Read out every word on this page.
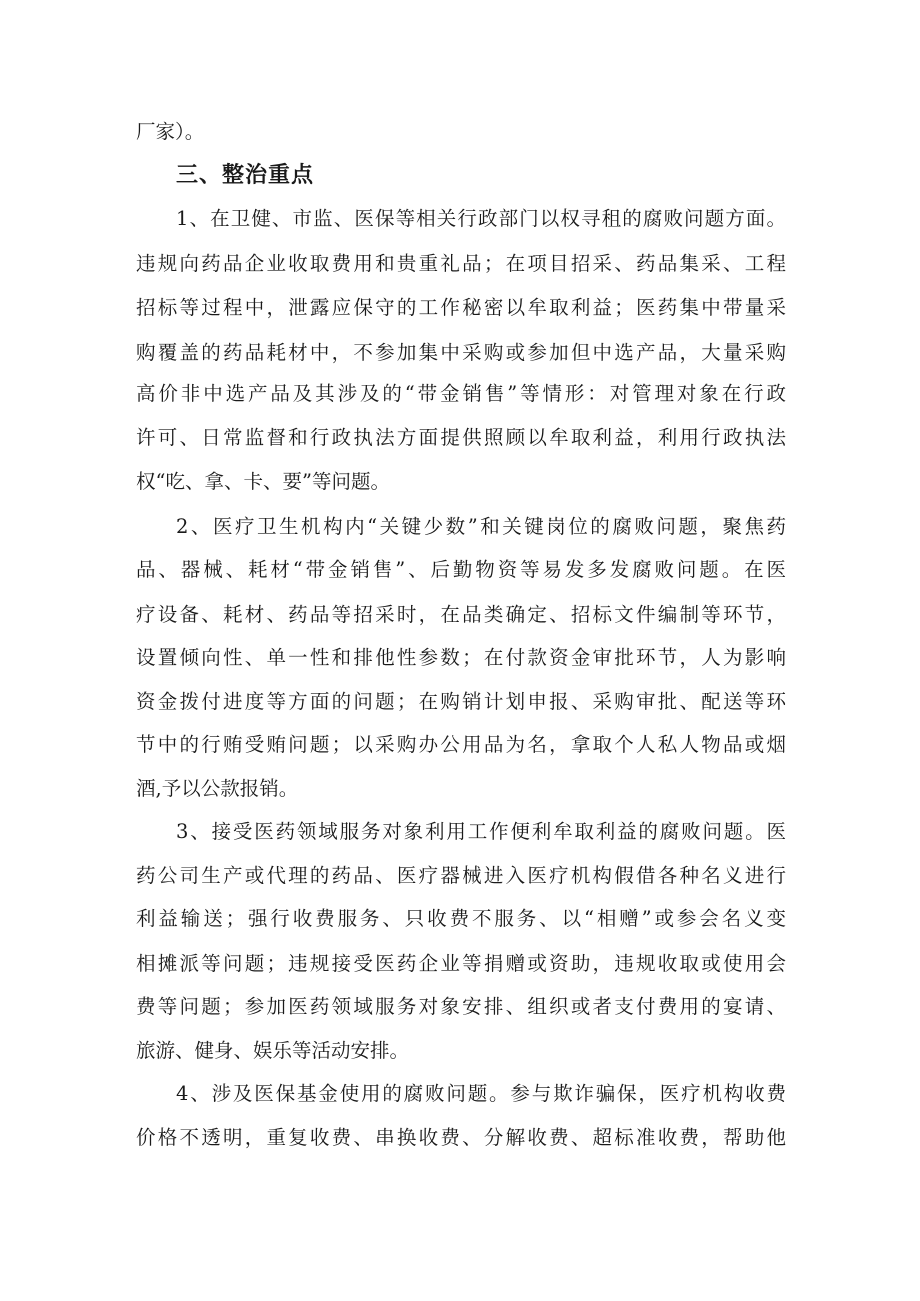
厂家）。
三、整治重点
1、在卫健、市监、医保等相关行政部门以权寻租的腐败问题方面。
违规向药品企业收取费用和贵重礼品；在项目招采、药品集采、工程
招标等过程中，泄露应保守的工作秘密以牟取利益；医药集中带量采
购覆盖的药品耗材中，不参加集中采购或参加但中选产品，大量采购
高价非中选产品及其涉及的“带金销售”等情形：对管理对象在行政
许可、日常监督和行政执法方面提供照顾以牟取利益，利用行政执法
权“吃、拿、卡、要”等问题。
2、医疗卫生机构内“关键少数”和关键岗位的腐败问题，聚焦药
品、器械、耗材“带金销售”、后勤物资等易发多发腐败问题。在医
疗设备、耗材、药品等招采时，在品类确定、招标文件编制等环节，
设置倾向性、单一性和排他性参数；在付款资金审批环节，人为影响
资金拨付进度等方面的问题；在购销计划申报、采购审批、配送等环
节中的行贿受贿问题；以采购办公用品为名，拿取个人私人物品或烟
酒,予以公款报销。
3、接受医药领域服务对象利用工作便利牟取利益的腐败问题。医
药公司生产或代理的药品、医疗器械进入医疗机构假借各种名义进行
利益输送；强行收费服务、只收费不服务、以“相赠”或参会名义变
相摊派等问题；违规接受医药企业等捐赠或资助，违规收取或使用会
费等问题；参加医药领域服务对象安排、组织或者支付费用的宴请、
旅游、健身、娱乐等活动安排。
4、涉及医保基金使用的腐败问题。参与欺诈骗保，医疗机构收费
价格不透明，重复收费、串换收费、分解收费、超标准收费，帮助他
